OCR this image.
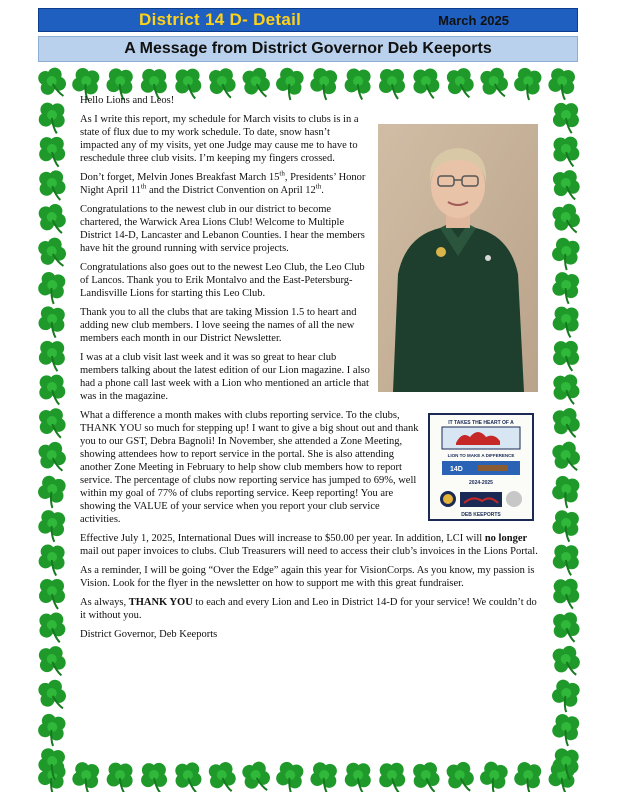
District 14 D- Detail	March 2025
A Message from District Governor Deb Keeports

Hello Lions and Leos!

As I write this report, my schedule for March visits to clubs is in a state of flux due to my work schedule. To date, snow hasn’t impacted any of my visits, yet one Judge may cause me to have to reschedule three club visits. I’m keeping my fingers crossed.

Don’t forget, Melvin Jones Breakfast March 15th, Presidents’ Honor Night April 11th and the District Convention on April 12th.

Congratulations to the newest club in our district to become chartered, the Warwick Area Lions Club! Welcome to Multiple District 14-D, Lancaster and Lebanon Counties. I hear the members have hit the ground running with service projects.

Congratulations also goes out to the newest Leo Club, the Leo Club of Lancos. Thank you to Erik Montalvo and the East-Petersburg-Landisville Lions for starting this Leo Club.

Thank you to all the clubs that are taking Mission 1.5 to heart and adding new club members. I love seeing the names of all the new members each month in our District Newsletter.

I was at a club visit last week and it was so great to hear club members talking about the latest edition of our Lion magazine. I also had a phone call last week with a Lion who mentioned an article that was in the magazine.

IT TAKES THE HEART OF A
LION TO MAKE A DIFFERENCE
14D
2024-2025
DEB KEEPORTS

What a difference a month makes with clubs reporting service. To the clubs, THANK YOU so much for stepping up! I want to give a big shout out and thank you to our GST, Debra Bagnoli! In November, she attended a Zone Meeting, showing attendees how to report service in the portal. She is also attending another Zone Meeting in February to help show club members how to report service. The percentage of clubs now reporting service has jumped to 69%, well within my goal of 77% of clubs reporting service. Keep reporting! You are showing the VALUE of your service when you report your club service activities.

Effective July 1, 2025, International Dues will increase to $50.00 per year. In addition, LCI will no longer mail out paper invoices to clubs. Club Treasurers will need to access their club’s invoices in the Lions Portal.

As a reminder, I will be going “Over the Edge” again this year for VisionCorps. As you know, my passion is Vision. Look for the flyer in the newsletter on how to support me with this great fundraiser.

As always, THANK YOU to each and every Lion and Leo in District 14-D for your service! We couldn’t do it without you.

District Governor, Deb Keeports
